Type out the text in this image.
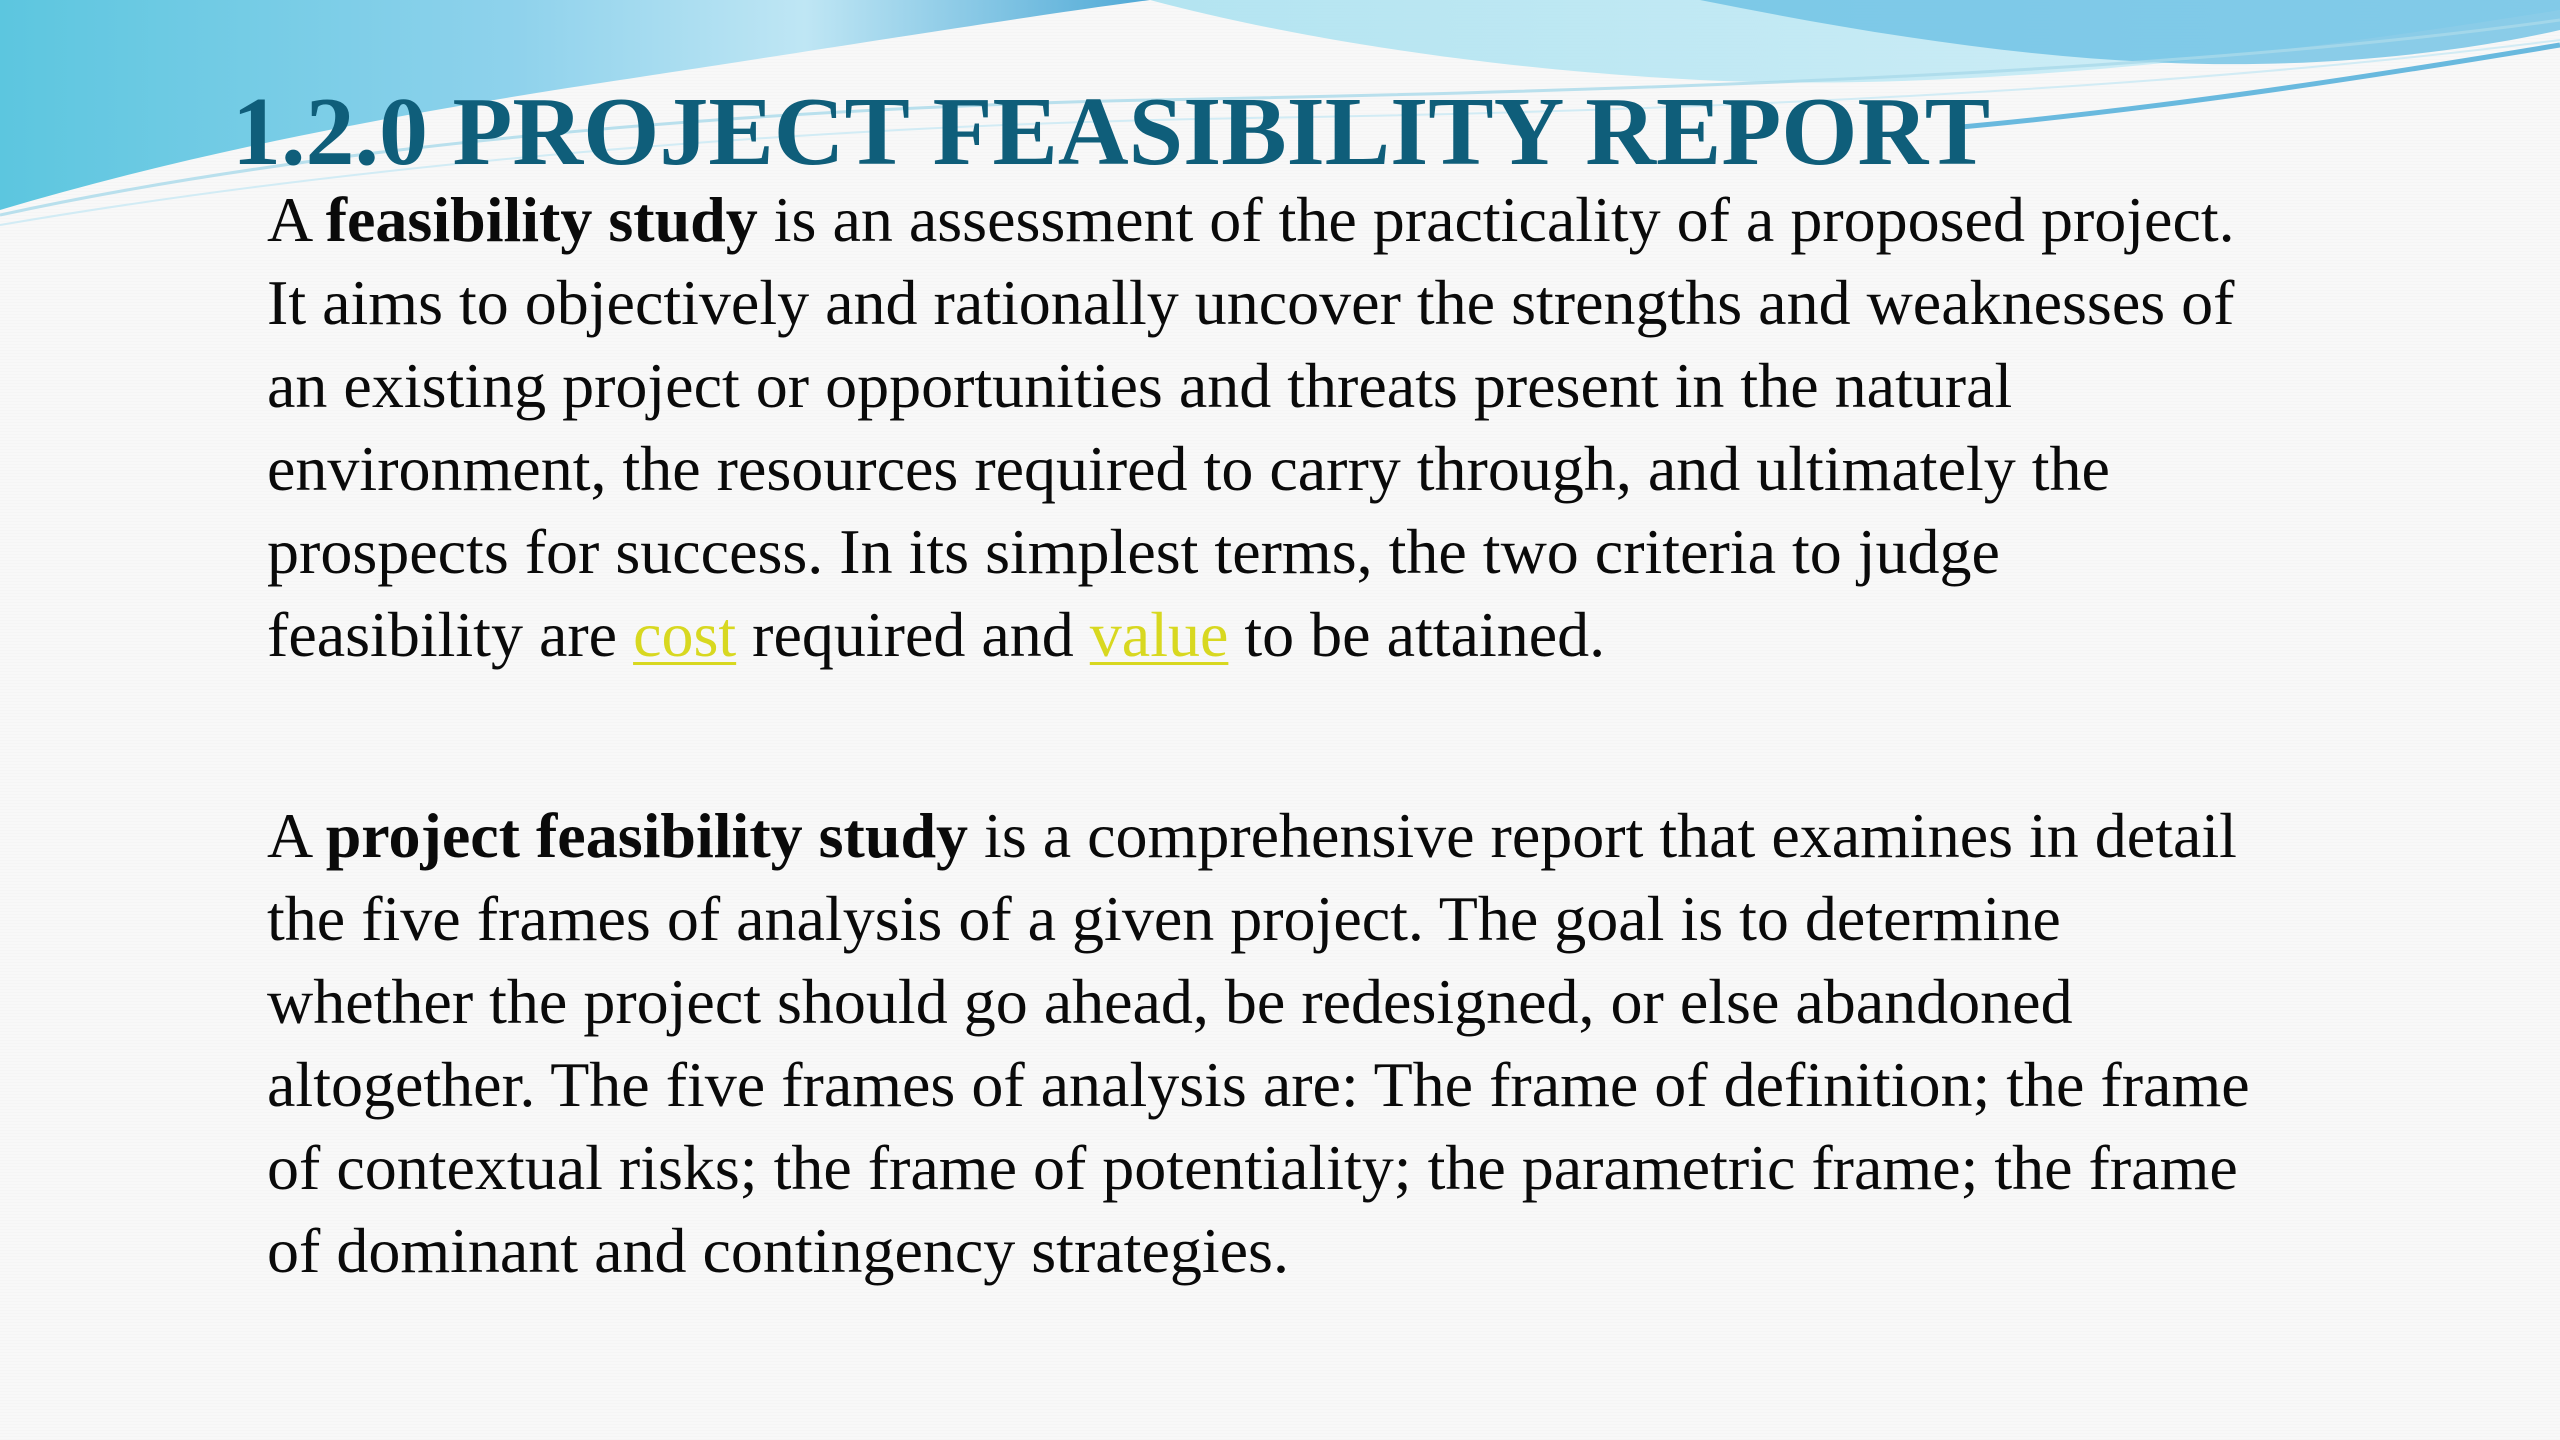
1.2.0 PROJECT FEASIBILITY REPORT

A feasibility study is an assessment of the practicality of a proposed project.
It aims to objectively and rationally uncover the strengths and weaknesses of
an existing project or opportunities and threats present in the natural
environment, the resources required to carry through, and ultimately the
prospects for success. In its simplest terms, the two criteria to judge
feasibility are cost required and value to be attained.

A project feasibility study is a comprehensive report that examines in detail
the five frames of analysis of a given project. The goal is to determine
whether the project should go ahead, be redesigned, or else abandoned
altogether. The five frames of analysis are: The frame of definition; the frame
of contextual risks; the frame of potentiality; the parametric frame; the frame
of dominant and contingency strategies.
